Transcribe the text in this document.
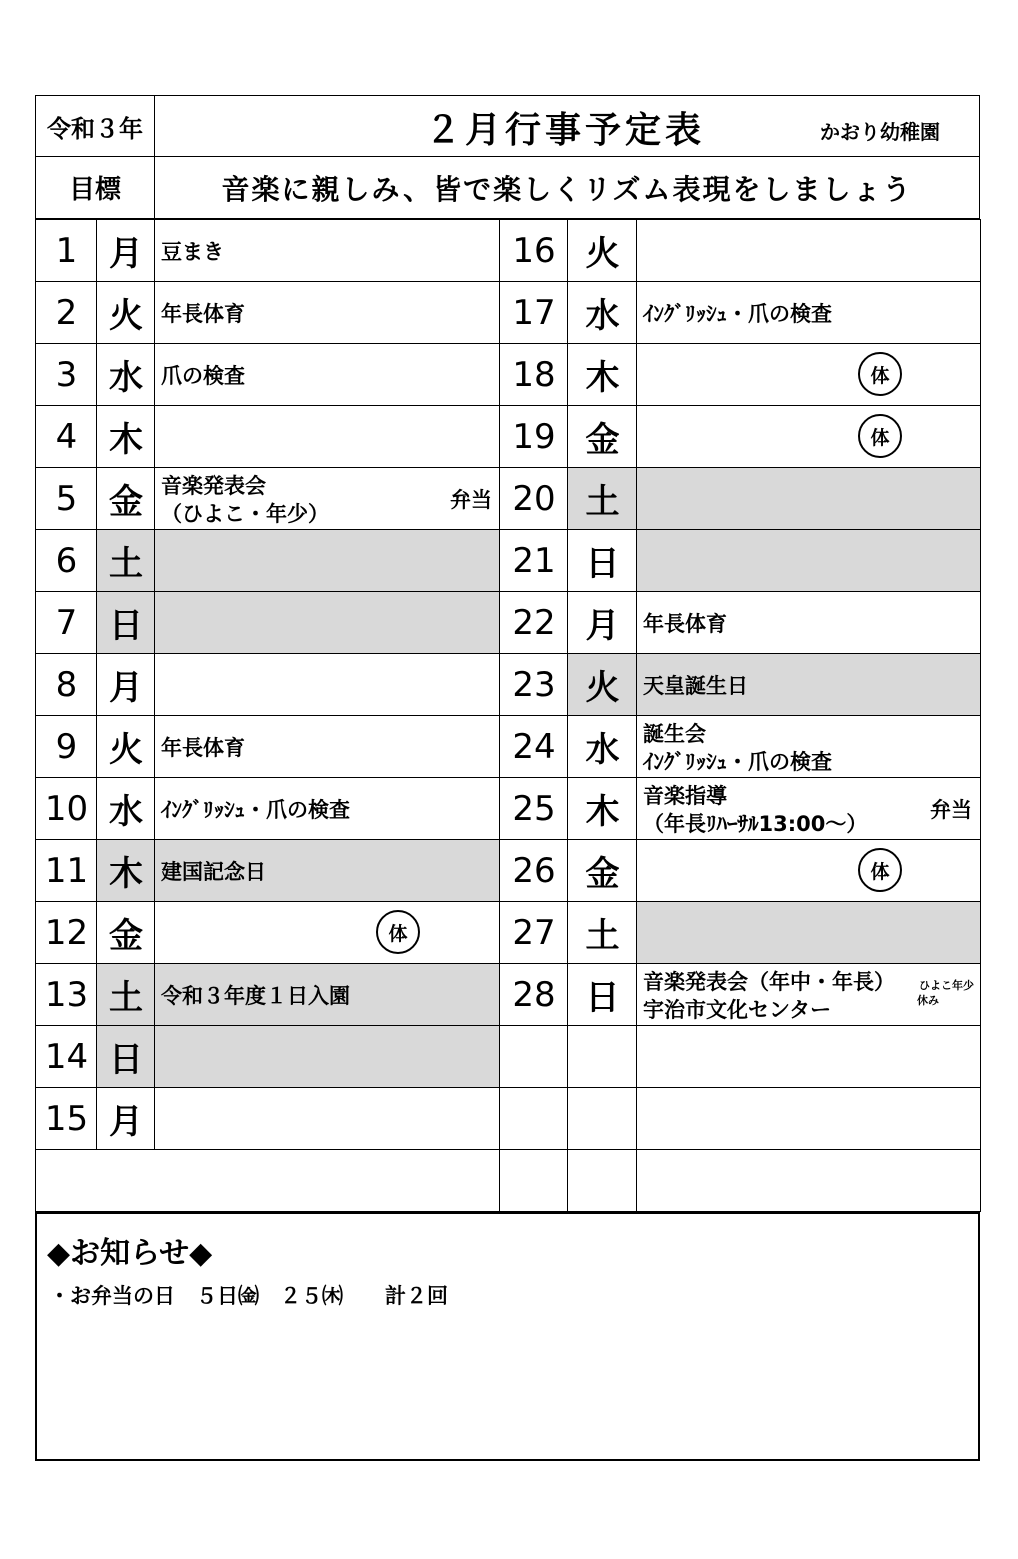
令和３年	２月行事予定表	かおり幼稚園
目標	音楽に親しみ、皆で楽しくリズム表現をしましょう
1 月 豆まき
2 火 年長体育
3 水 爪の検査
4 木
5 金 音楽発表会
（ひよこ・年少）
弁当
6 土
7 日
8 月
9 火 年長体育
10 水 ｲﾝｸﾞﾘｯｼｭ・爪の検査
11 木 建国記念日
12 金	体
13 土 令和３年度１日入園
14 日
15 月
16 火
17 水 ｲﾝｸﾞﾘｯｼｭ・爪の検査
18 木	体
19 金	体
20 土
21 日
22 月 年長体育
23 火 天皇誕生日
24 水 誕生会
ｲﾝｸﾞﾘｯｼｭ・爪の検査
25 木 音楽指導
（年長ﾘﾊｰｻﾙ13:00～）
弁当
26 金	体
27 土
28 日 音楽発表会（年中・年長）
宇治市文化センター
ひよこ年少
休み
◆お知らせ◆
・お弁当の日　５日㈮　２５㈭　　計２回
